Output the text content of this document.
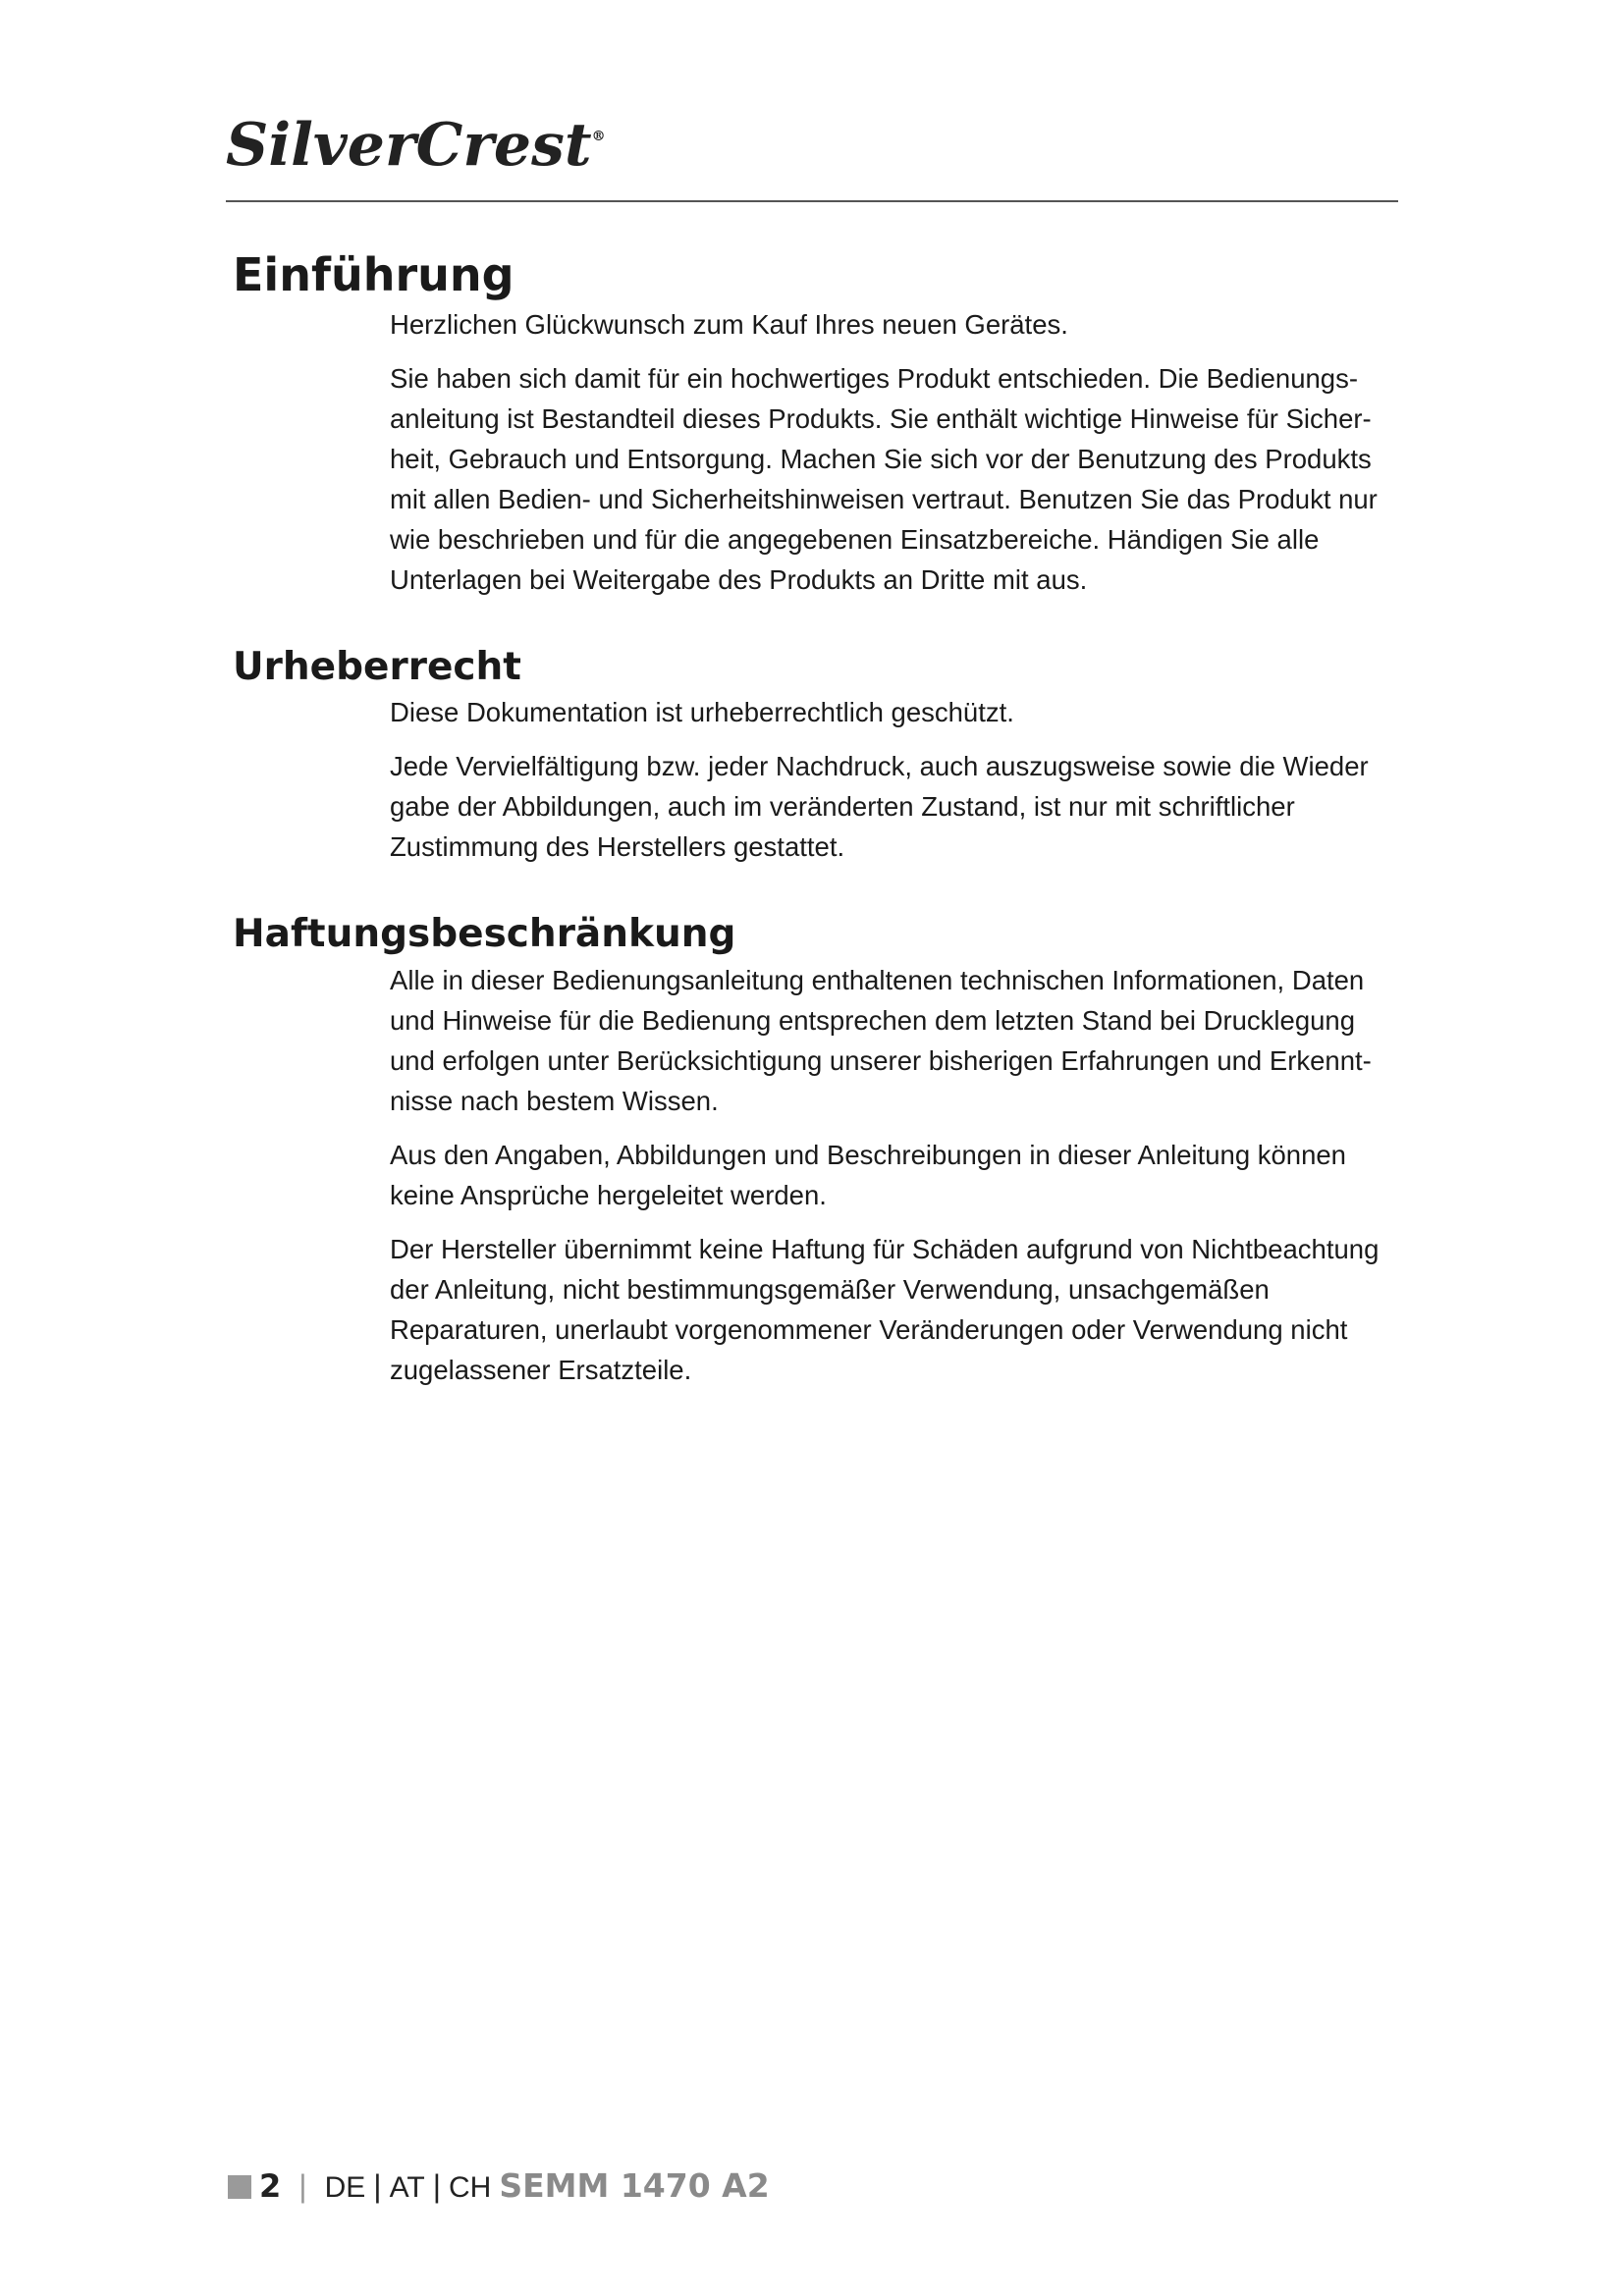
SilverCrest®
Einführung

Herzlichen Glückwunsch zum Kauf Ihres neuen Gerätes.

Sie haben sich damit für ein hochwertiges Produkt entschieden. Die Bedienungsanleitung ist Bestandteil dieses Produkts. Sie enthält wichtige Hinweise für Sicherheit, Gebrauch und Entsorgung. Machen Sie sich vor der Benutzung des Produkts mit allen Bedien- und Sicherheitshinweisen vertraut. Benutzen Sie das Produkt nur wie beschrieben und für die angegebenen Einsatzbereiche. Händigen Sie alle Unterlagen bei Weitergabe des Produkts an Dritte mit aus.

Urheberrecht

Diese Dokumentation ist urheberrechtlich geschützt.

Jede Vervielfältigung bzw. jeder Nachdruck, auch auszugsweise sowie die Wieder gabe der Abbildungen, auch im veränderten Zustand, ist nur mit schriftlicher Zustimmung des Herstellers gestattet.

Haftungsbeschränkung

Alle in dieser Bedienungsanleitung enthaltenen technischen Informationen, Daten und Hinweise für die Bedienung entsprechen dem letzten Stand bei Drucklegung und erfolgen unter Berücksichtigung unserer bisherigen Erfahrungen und Erkenntnisse nach bestem Wissen.

Aus den Angaben, Abbildungen und Beschreibungen in dieser Anleitung können keine Ansprüche hergeleitet werden.

Der Hersteller übernimmt keine Haftung für Schäden aufgrund von Nichtbeachtung der Anleitung, nicht bestimmungsgemäßer Verwendung, unsachgemäßen Reparaturen, unerlaubt vorgenommener Veränderungen oder Verwendung nicht zugelassener Ersatzteile.

2 | DE | AT | CH SEMM 1470 A2
